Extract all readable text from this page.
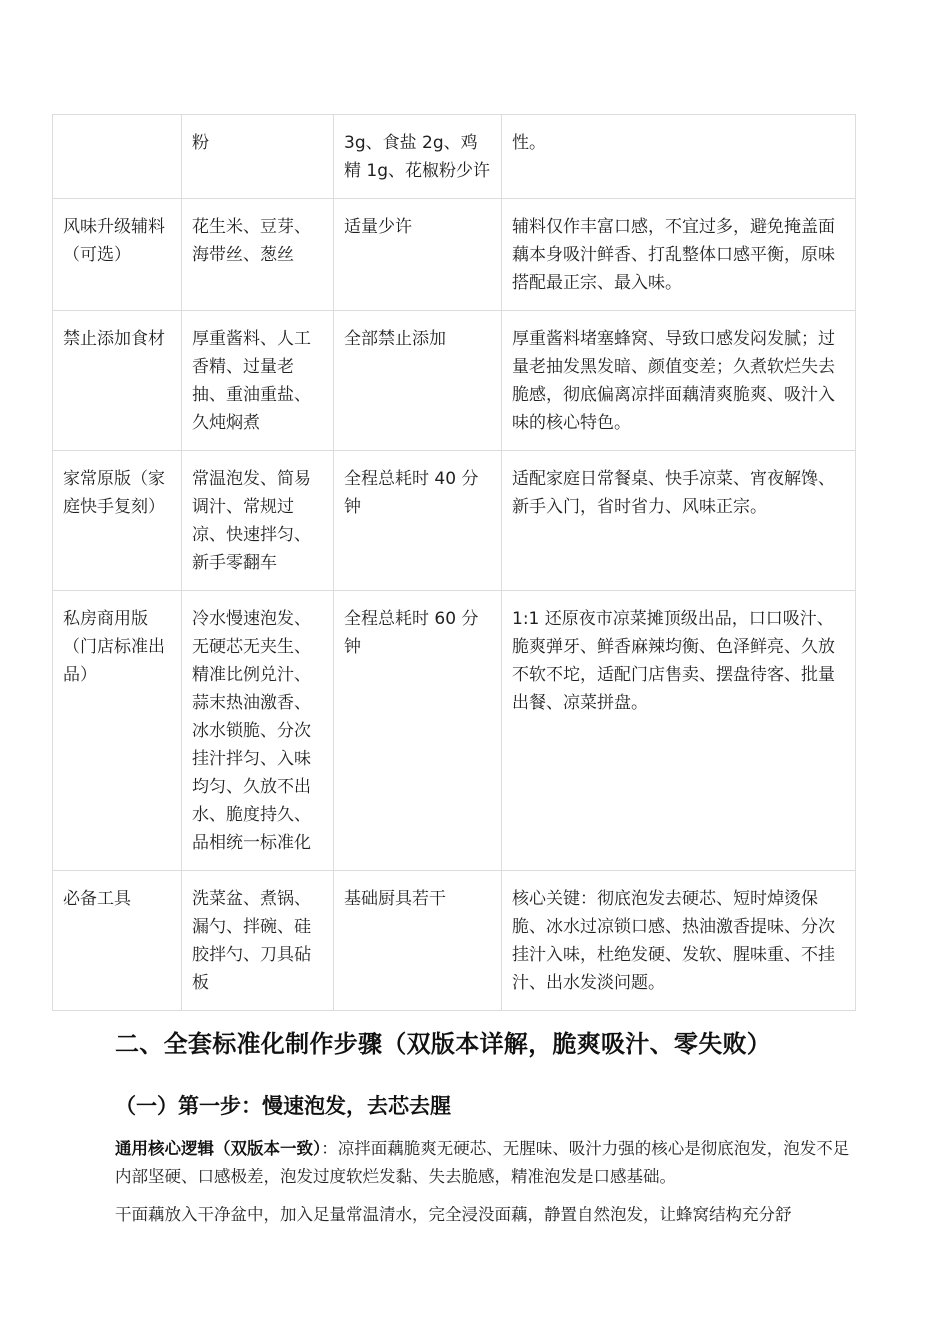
	粉	3g、食盐 2g、鸡精 1g、花椒粉少许	性。
风味升级辅料（可选）	花生米、豆芽、海带丝、葱丝	适量少许	辅料仅作丰富口感，不宜过多，避免掩盖面藕本身吸汁鲜香、打乱整体口感平衡，原味搭配最正宗、最入味。
禁止添加食材	厚重酱料、人工香精、过量老抽、重油重盐、久炖焖煮	全部禁止添加	厚重酱料堵塞蜂窝、导致口感发闷发腻；过量老抽发黑发暗、颜值变差；久煮软烂失去脆感，彻底偏离凉拌面藕清爽脆爽、吸汁入味的核心特色。
家常原版（家庭快手复刻）	常温泡发、简易调汁、常规过凉、快速拌匀、新手零翻车	全程总耗时 40 分钟	适配家庭日常餐桌、快手凉菜、宵夜解馋、新手入门，省时省力、风味正宗。
私房商用版（门店标准出品）	冷水慢速泡发、无硬芯无夹生、精准比例兑汁、蒜末热油激香、冰水锁脆、分次挂汁拌匀、入味均匀、久放不出水、脆度持久、品相统一标准化	全程总耗时 60 分钟	1:1 还原夜市凉菜摊顶级出品，口口吸汁、脆爽弹牙、鲜香麻辣均衡、色泽鲜亮、久放不软不坨，适配门店售卖、摆盘待客、批量出餐、凉菜拼盘。
必备工具	洗菜盆、煮锅、漏勺、拌碗、硅胶拌勺、刀具砧板	基础厨具若干	核心关键：彻底泡发去硬芯、短时焯烫保脆、冰水过凉锁口感、热油激香提味、分次挂汁入味，杜绝发硬、发软、腥味重、不挂汁、出水发淡问题。
二、全套标准化制作步骤（双版本详解，脆爽吸汁、零失败）
（一）第一步：慢速泡发，去芯去腥

通用核心逻辑（双版本一致）：凉拌面藕脆爽无硬芯、无腥味、吸汁力强的核心是彻底泡发，泡发不足内部坚硬、口感极差，泡发过度软烂发黏、失去脆感，精准泡发是口感基础。

干面藕放入干净盆中，加入足量常温清水，完全浸没面藕，静置自然泡发，让蜂窝结构充分舒
